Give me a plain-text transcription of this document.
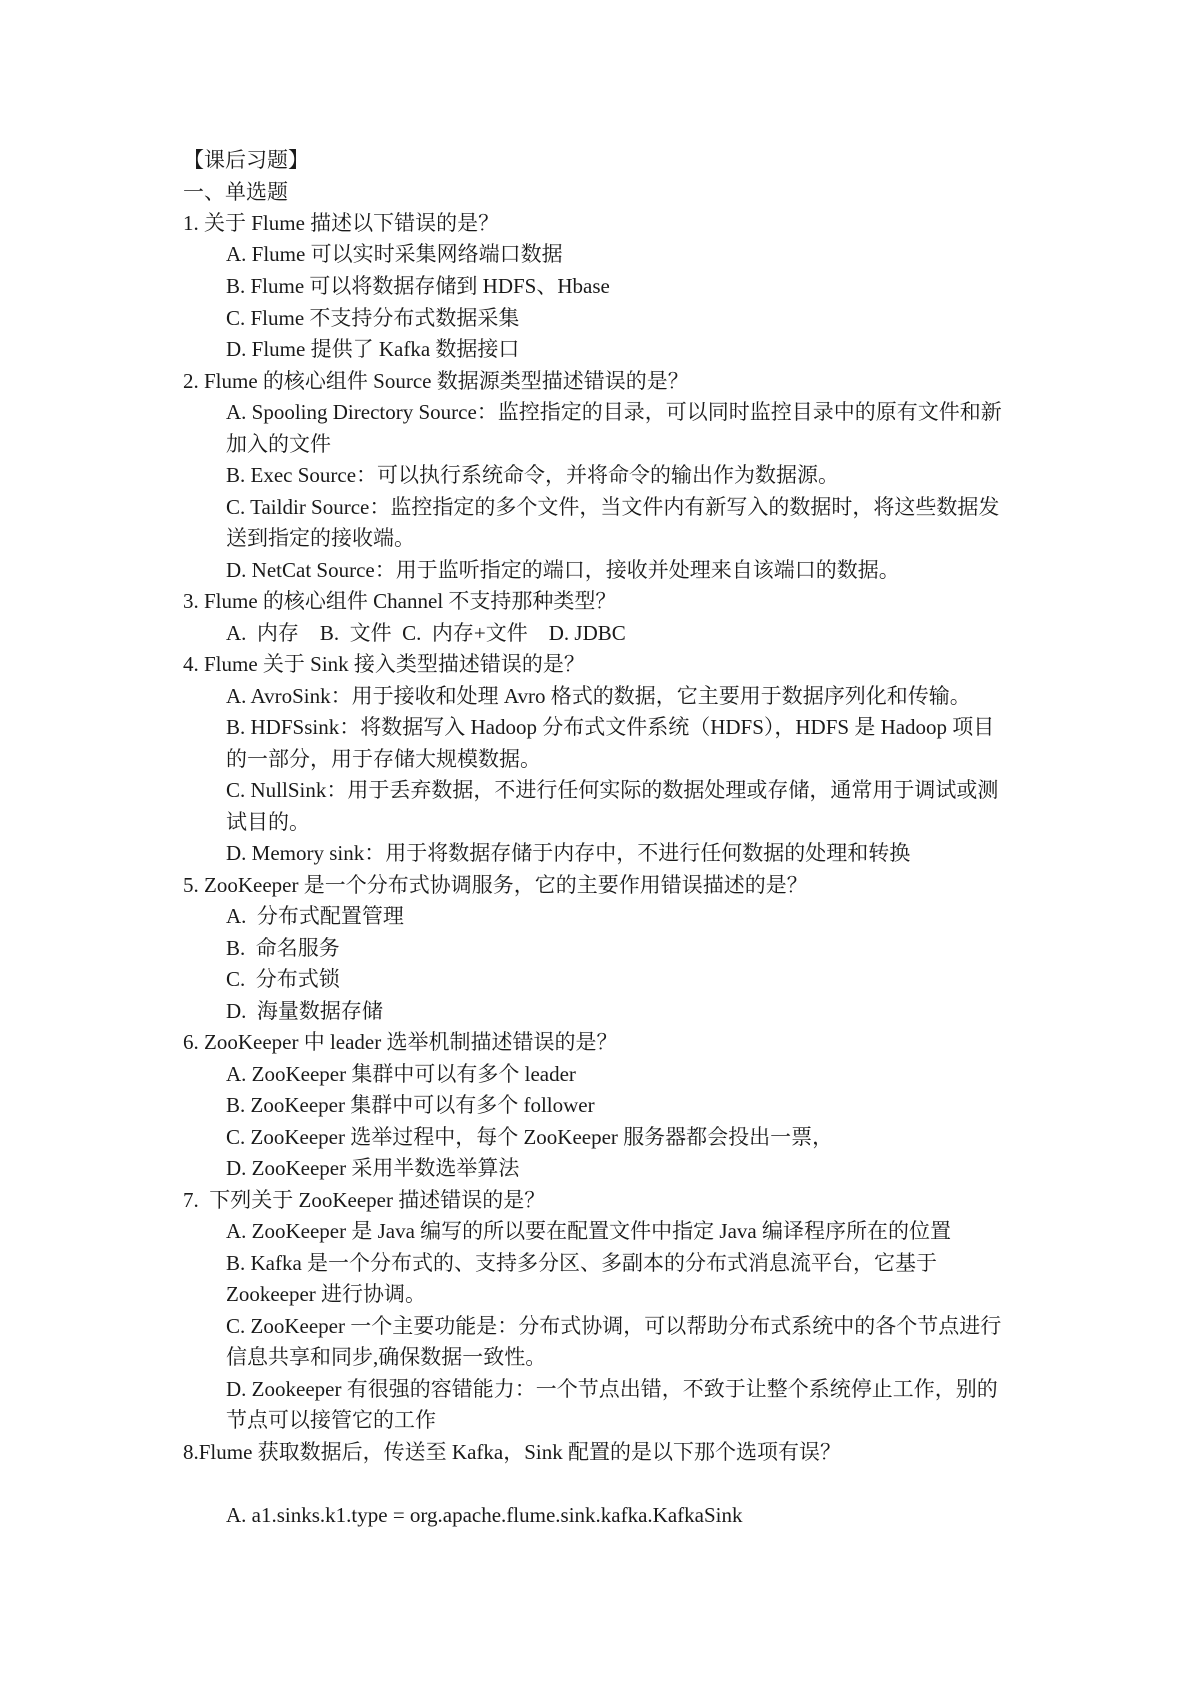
【课后习题】
一、单选题
1. 关于 Flume 描述以下错误的是？
A. Flume 可以实时采集网络端口数据
B. Flume 可以将数据存储到 HDFS、Hbase
C. Flume 不支持分布式数据采集
D. Flume 提供了 Kafka 数据接口
2. Flume 的核心组件 Source 数据源类型描述错误的是？
A. Spooling Directory Source：监控指定的目录，可以同时监控目录中的原有文件和新
加入的文件
B. Exec Source：可以执行系统命令，并将命令的输出作为数据源。
C. Taildir Source：监控指定的多个文件，当文件内有新写入的数据时，将这些数据发
送到指定的接收端。
D. NetCat Source：用于监听指定的端口，接收并处理来自该端口的数据。
3. Flume 的核心组件 Channel 不支持那种类型？
A.  内存    B.  文件  C.  内存+文件    D. JDBC
4. Flume 关于 Sink 接入类型描述错误的是？
A. AvroSink：用于接收和处理 Avro 格式的数据，它主要用于数据序列化和传输。
B. HDFSsink：将数据写入 Hadoop 分布式文件系统（HDFS），HDFS 是 Hadoop 项目
的一部分，用于存储大规模数据。
C. NullSink：用于丢弃数据，不进行任何实际的数据处理或存储，通常用于调试或测
试目的。
D. Memory sink：用于将数据存储于内存中，不进行任何数据的处理和转换
5. ZooKeeper 是一个分布式协调服务，它的主要作用错误描述的是？
A.  分布式配置管理
B.  命名服务
C.  分布式锁
D.  海量数据存储
6. ZooKeeper 中 leader 选举机制描述错误的是？
A. ZooKeeper 集群中可以有多个 leader
B. ZooKeeper 集群中可以有多个 follower
C. ZooKeeper 选举过程中，每个 ZooKeeper 服务器都会投出一票，
D. ZooKeeper 采用半数选举算法
7.  下列关于 ZooKeeper 描述错误的是？
A. ZooKeeper 是 Java 编写的所以要在配置文件中指定 Java 编译程序所在的位置
B. Kafka 是一个分布式的、支持多分区、多副本的分布式消息流平台，它基于
Zookeeper 进行协调。
C. ZooKeeper 一个主要功能是：分布式协调，可以帮助分布式系统中的各个节点进行
信息共享和同步,确保数据一致性。
D. Zookeeper 有很强的容错能力：一个节点出错，不致于让整个系统停止工作，别的
节点可以接管它的工作
8.Flume 获取数据后，传送至 Kafka，Sink 配置的是以下那个选项有误？
A. a1.sinks.k1.type = org.apache.flume.sink.kafka.KafkaSink
